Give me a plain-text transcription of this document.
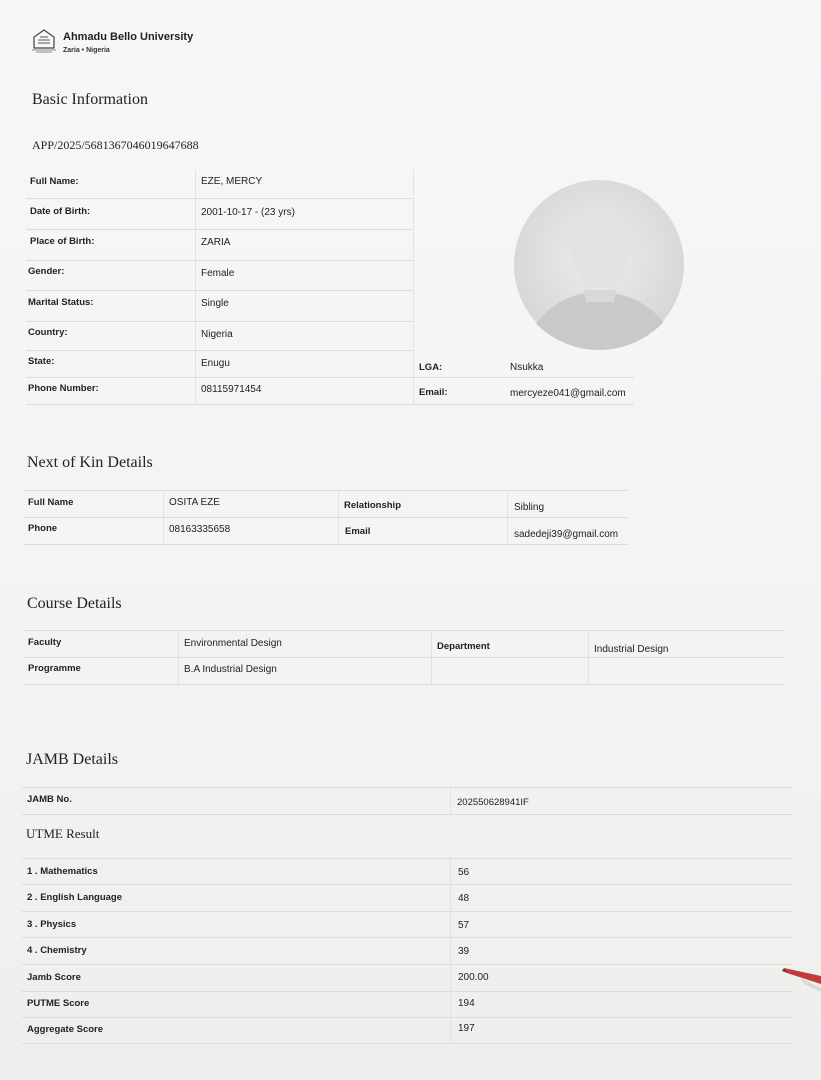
Ahmadu Bello University
Zaria • Nigeria
Basic Information
APP/2025/5681367046019647688
Full Name:	EZE, MERCY
Date of Birth:	2001-10-17 - (23 yrs)
Place of Birth:	ZARIA
Gender:	Female
Marital Status:	Single
Country:	Nigeria
State:	Enugu	LGA:	Nsukka
Phone Number:	08115971454	Email:	mercyeze041@gmail.com
Next of Kin Details
Full Name	OSITA EZE	Relationship	Sibling
Phone	08163335658	Email	sadedeji39@gmail.com
Course Details
Faculty	Environmental Design	Department	Industrial Design
Programme	B.A Industrial Design
JAMB Details
JAMB No.	20255062894​1IF
UTME Result
1 . Mathematics	56
2 . English Language	48
3 . Physics	57
4 . Chemistry	39
Jamb Score	200.00
PUTME Score	194
Aggregate Score	197
